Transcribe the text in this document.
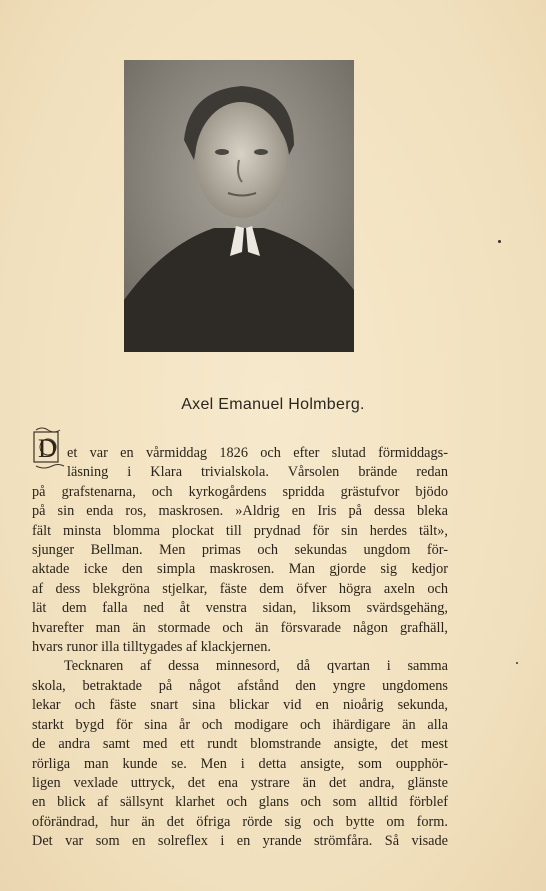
Axel Emanuel Holmberg.
D et var en vårmiddag 1826 och efter slutad förmiddags-
läsning i Klara trivialskola. Vårsolen brände redan
på grafstenarna, och kyrkogårdens spridda grästufvor bjödo
på sin enda ros, maskrosen. »Aldrig en Iris på dessa bleka
fält minsta blomma plockat till prydnad för sin herdes tält»,
sjunger Bellman. Men primas och sekundas ungdom för-
aktade icke den simpla maskrosen. Man gjorde sig kedjor
af dess blekgröna stjelkar, fäste dem öfver högra axeln och
lät dem falla ned åt venstra sidan, liksom svärdsgehäng,
hvarefter man än stormade och än försvarade någon grafhäll,
hvars runor illa tilltygades af klackjernen.
Tecknaren af dessa minnesord, då qvartan i samma
skola, betraktade på något afstånd den yngre ungdomens
lekar och fäste snart sina blickar vid en nioårig sekunda,
starkt bygd för sina år och modigare och ihärdigare än alla
de andra samt med ett rundt blomstrande ansigte, det mest
rörliga man kunde se. Men i detta ansigte, som oupphör-
ligen vexlade uttryck, det ena ystrare än det andra, glänste
en blick af sällsynt klarhet och glans och som alltid förblef
oförändrad, hur än det öfriga rörde sig och bytte om form.
Det var som en solreflex i en yrande strömfåra. Så visade
